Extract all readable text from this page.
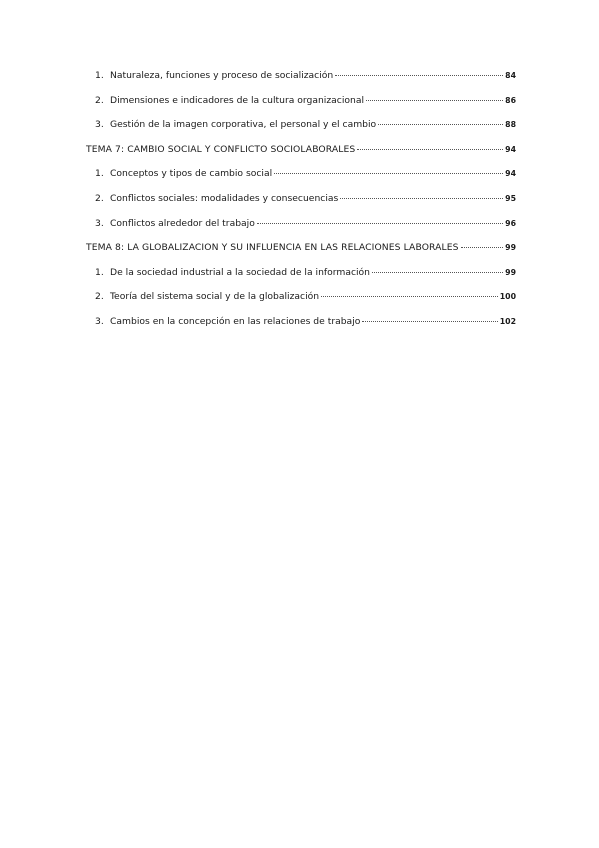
1. Naturaleza, funciones y proceso de socialización	84
2. Dimensiones e indicadores de la cultura organizacional	86
3. Gestión de la imagen corporativa, el personal y el cambio	88
TEMA 7: CAMBIO SOCIAL Y CONFLICTO SOCIOLABORALES	94
1. Conceptos y tipos de cambio social	94
2. Conflictos sociales: modalidades y consecuencias	95
3. Conflictos alrededor del trabajo	96
TEMA 8: LA GLOBALIZACION Y SU INFLUENCIA EN LAS RELACIONES LABORALES	99
1. De la sociedad industrial a la sociedad de la información	99
2. Teoría del sistema social y de la globalización	100
3. Cambios en la concepción en las relaciones de trabajo	102
